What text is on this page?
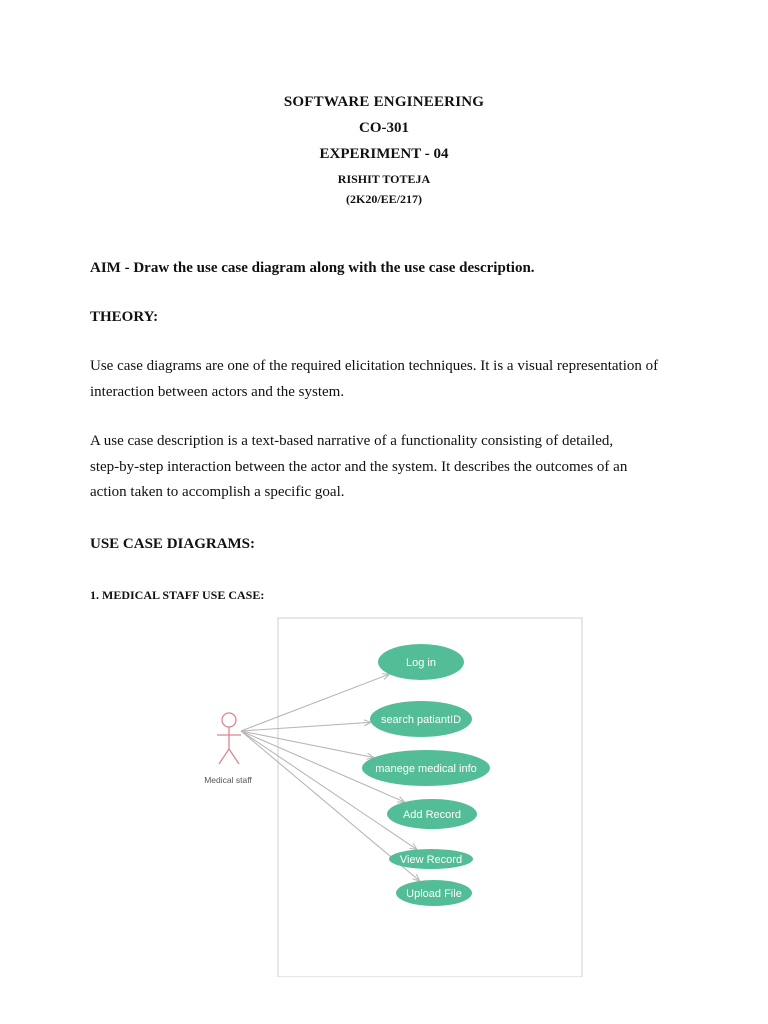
SOFTWARE ENGINEERING
CO-301
EXPERIMENT - 04
RISHIT TOTEJA
(2K20/EE/217)
AIM - Draw the use case diagram along with the use case description.
THEORY:
Use case diagrams are one of the required elicitation techniques. It is a visual representation of
interaction between actors and the system.
A use case description is a text-based narrative of a functionality consisting of detailed,
step-by-step interaction between the actor and the system. It describes the outcomes of an
action taken to accomplish a specific goal.
USE CASE DIAGRAMS:
1. MEDICAL STAFF USE CASE:
Medical staff
Log in
search patiantID
manege medical info
Add Record
View Record
Upload File
